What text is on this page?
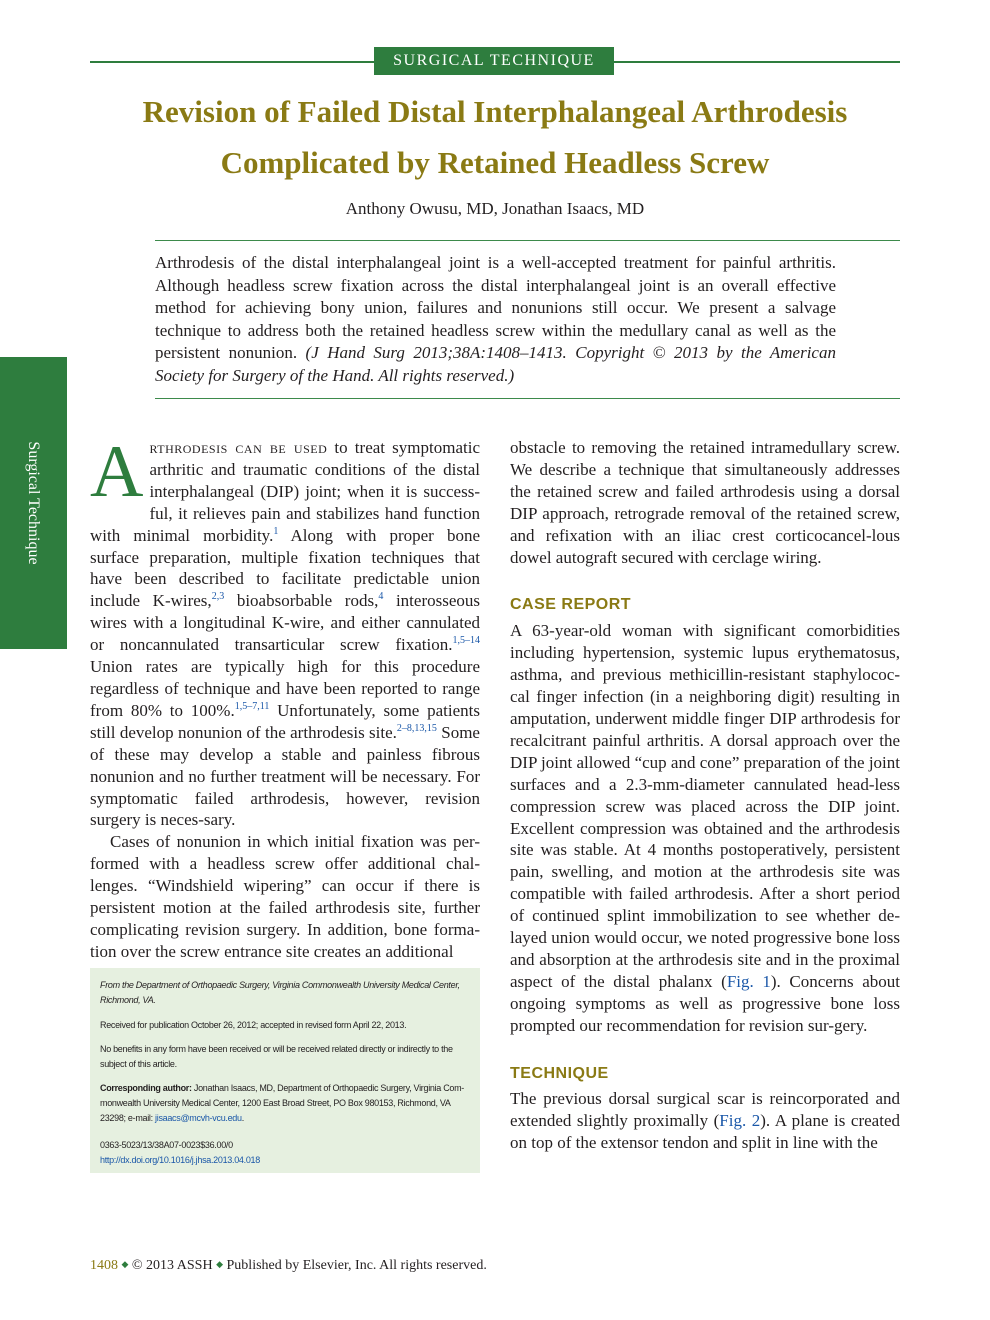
SURGICAL TECHNIQUE
Revision of Failed Distal Interphalangeal Arthrodesis
Complicated by Retained Headless Screw
Anthony Owusu, MD, Jonathan Isaacs, MD
Arthrodesis of the distal interphalangeal joint is a well-accepted treatment for painful arthritis. Although headless screw fixation across the distal interphalangeal joint is an overall effective method for achieving bony union, failures and nonunions still occur. We present a salvage technique to address both the retained headless screw within the medullary canal as well as the persistent nonunion. (J Hand Surg 2013;38A:1408–1413. Copyright © 2013 by the American Society for Surgery of the Hand. All rights reserved.)
Surgical Technique Arthrodesis can be used to treat symptomatic arthritic and traumatic conditions of the distal interphalangeal (DIP) joint; when it is success-ful, it relieves pain and stabilizes hand function with minimal morbidity.$^1$ Along with proper bone surface preparation, multiple fixation techniques that have been described to facilitate predictable union include K-wires,$^{2,3}$ bioabsorbable rods,$^4$ interosseous wires with a longitudinal K-wire, and either cannulated or noncannulated transarticular screw fixation.$^{1,5-14}$ Union rates are typically high for this procedure regardless of technique and have been reported to range from 80% to 100%.$^{1,5-7,11}$ Unfortunately, some patients still develop nonunion of the arthrodesis site.$^{2-8,13,15}$ Some of these may develop a stable and painless fibrous nonunion and no further treatment will be necessary. For symptomatic failed arthrodesis, however, revision surgery is neces-sary.

Cases of nonunion in which initial fixation was per-formed with a headless screw offer additional chal-lenges. “Windshield wipering” can occur if there is persistent motion at the failed arthrodesis site, further complicating revision surgery. In addition, bone forma-tion over the screw entrance site creates an additional

obstacle to removing the retained intramedullary screw. We describe a technique that simultaneously addresses the retained screw and failed arthrodesis using a dorsal DIP approach, retrograde removal of the retained screw, and refixation with an iliac crest corticocancel-lous dowel autograft secured with cerclage wiring.

CASE REPORT

A 63-year-old woman with significant comorbidities including hypertension, systemic lupus erythematosus, asthma, and previous methicillin-resistant staphylococ-cal finger infection (in a neighboring digit) resulting in amputation, underwent middle finger DIP arthrodesis for recalcitrant painful arthritis. A dorsal approach over the DIP joint allowed “cup and cone” preparation of the joint surfaces and a 2.3-mm-diameter cannulated head-less compression screw was placed across the DIP joint. Excellent compression was obtained and the arthrodesis site was stable. At 4 months postoperatively, persistent pain, swelling, and motion at the arthrodesis site was compatible with failed arthrodesis. After a short period of continued splint immobilization to see whether de-layed union would occur, we noted progressive bone loss and absorption at the arthrodesis site and in the proximal aspect of the distal phalanx (Fig. 1). Concerns about ongoing symptoms as well as progressive bone loss prompted our recommendation for revision sur-gery.

TECHNIQUE

The previous dorsal surgical scar is reincorporated and extended slightly proximally (Fig. 2). A plane is created on top of the extensor tendon and split in line with the

From the Department of Orthopaedic Surgery, Virginia Commonwealth University Medical Center, Richmond, VA.

Received for publication October 26, 2012; accepted in revised form April 22, 2013.

No benefits in any form have been received or will be received related directly or indirectly to the subject of this article.

Corresponding author: Jonathan Isaacs, MD, Department of Orthopaedic Surgery, Virginia Com-monwealth University Medical Center, 1200 East Broad Street, PO Box 980153, Richmond, VA 23298; e-mail: jisaacs@mcvh-vcu.edu.

0363-5023/13/38A07-0023$36.00/0

http://dx.doi.org/10.1016/j.jhsa.2013.04.018

1408 ◆ © 2013 ASSH ◆ Published by Elsevier, Inc. All rights reserved.
